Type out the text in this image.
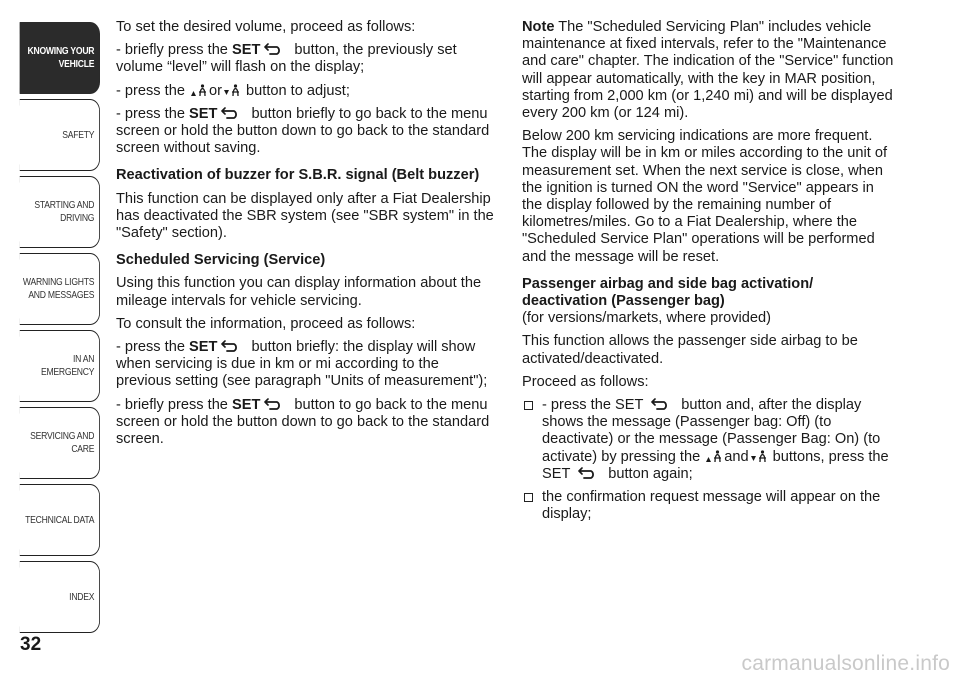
KNOWING YOUR
VEHICLE
SAFETY
STARTING AND
DRIVING
WARNING LIGHTS
AND MESSAGES
IN AN EMERGENCY
SERVICING AND
CARE
TECHNICAL DATA
INDEX
32

To set the desired volume, proceed as follows:

- briefly press the SET button, the previously set volume “level” will flash on the display;

- press the or button to adjust;

- press the SET button briefly to go back to the menu screen or hold the button down to go back to the standard screen without saving.

Reactivation of buzzer for S.B.R. signal (Belt buzzer)

This function can be displayed only after a Fiat Dealership has deactivated the SBR system (see "SBR system" in the "Safety" section).

Scheduled Servicing (Service)

Using this function you can display information about the mileage intervals for vehicle servicing.

To consult the information, proceed as follows:

- press the SET button briefly: the display will show when servicing is due in km or mi according to the previous setting (see paragraph "Units of measurement");

- briefly press the SET button to go back to the menu screen or hold the button down to go back to the standard screen.

Note The "Scheduled Servicing Plan" includes vehicle maintenance at fixed intervals, refer to the "Maintenance and care" chapter. The indication of the "Service" function will appear automatically, with the key in MAR position, starting from 2,000 km (or 1,240 mi) and will be displayed every 200 km (or 124 mi).

Below 200 km servicing indications are more frequent. The display will be in km or miles according to the unit of measurement set. When the next service is close, when the ignition is turned ON the word "Service" appears in the display followed by the remaining number of kilometres/miles. Go to a Fiat Dealership, where the "Scheduled Service Plan" operations will be performed and the message will be reset.

Passenger airbag and side bag activation/ deactivation (Passenger bag)

(for versions/markets, where provided)

This function allows the passenger side airbag to be activated/deactivated.

Proceed as follows:

- press the SET  button and, after the display shows the message (Passenger bag: Off) (to deactivate) or the message (Passenger Bag: On) (to activate) by pressing the and buttons, press the SET  button again;
the confirmation request message will appear on the display;
carmanualsonline.info
